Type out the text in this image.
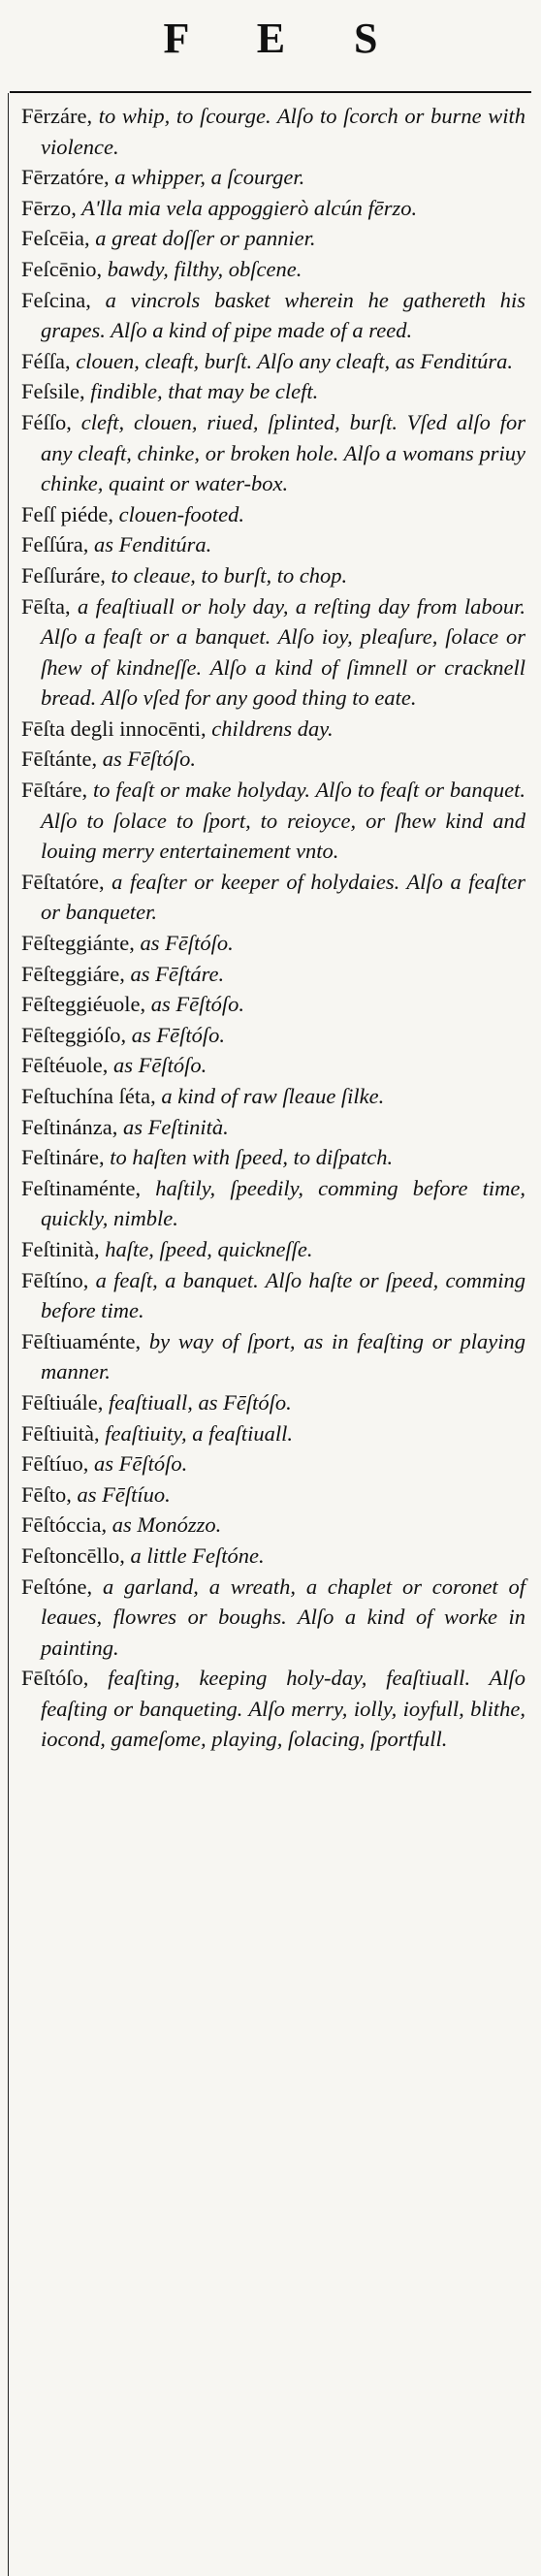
F E S
Fērzáre, to whip, to ſcourge. Alſo to ſcorch or burne with violence.
Fērzatóre, a whipper, a ſcourger.
Fērzo, A'lla mia vela appoggierò alcún fērzo.
Feſcēia, a great doſſer or pannier.
Feſcēnio, bawdy, filthy, obſcene.
Feſcina, a vincrols basket wherein he gathereth his grapes. Alſo a kind of pipe made of a reed.
Féſſa, clouen, cleaft, burſt. Alſo any cleaft, as Fenditúra.
Feſsile, findible, that may be cleft.
Féſſo, cleft, clouen, riued, ſplinted, burſt. Vſed alſo for any cleaft, chinke, or broken hole. Alſo a womans priuy chinke, quaint or water-box.
Feſſ piéde, clouen-footed.
Feſſúra, as Fenditúra.
Feſſuráre, to cleaue, to burſt, to chop.
Fēſta, a feaſtiuall or holy day, a reſting day from labour. Alſo a feaſt or a banquet. Alſo ioy, pleaſure, ſolace or ſhew of kindneſſe. Alſo a kind of ſimnell or cracknell bread. Alſo vſed for any good thing to eate.
Fēſta degli innocēnti, childrens day.
Fēſtánte, as Fēſtóſo.
Fēſtáre, to feaſt or make holyday. Alſo to feaſt or banquet. Alſo to ſolace to ſport, to reioyce, or ſhew kind and louing merry entertainement vnto.
Fēſtatóre, a feaſter or keeper of holydaies. Alſo a feaſter or banqueter.
Fēſteggiánte, as Fēſtóſo.
Fēſteggiáre, as Fēſtáre.
Fēſteggiéuole, as Fēſtóſo.
Fēſteggióſo, as Fēſtóſo.
Fēſtéuole, as Fēſtóſo.
Feſtuchína ſéta, a kind of raw ſleaue ſilke.
Feſtinánza, as Feſtinità.
Feſtináre, to haſten with ſpeed, to diſpatch.
Feſtinaménte, haſtily, ſpeedily, comming before time, quickly, nimble.
Feſtinità, haſte, ſpeed, quickneſſe.
Fēſtíno, a feaſt, a banquet. Alſo haſte or ſpeed, comming before time.
Fēſtiuaménte, by way of ſport, as in feaſting or playing manner.
Fēſtiuále, feaſtiuall, as Fēſtóſo.
Fēſtiuità, feaſtiuity, a feaſtiuall.
Fēſtíuo, as Fēſtóſo.
Fēſto, as Fēſtíuo.
Fēſtóccia, as Monózzo.
Feſtoncēllo, a little Feſtóne.
Feſtóne, a garland, a wreath, a chaplet or coronet of leaues, flowres or boughs. Alſo a kind of worke in painting.
Fēſtóſo, feaſting, keeping holy-day, feaſtiuall. Alſo feaſting or banqueting. Alſo merry, iolly, ioyfull, blithe, iocond, gameſome, playing, ſolacing, ſportfull.
